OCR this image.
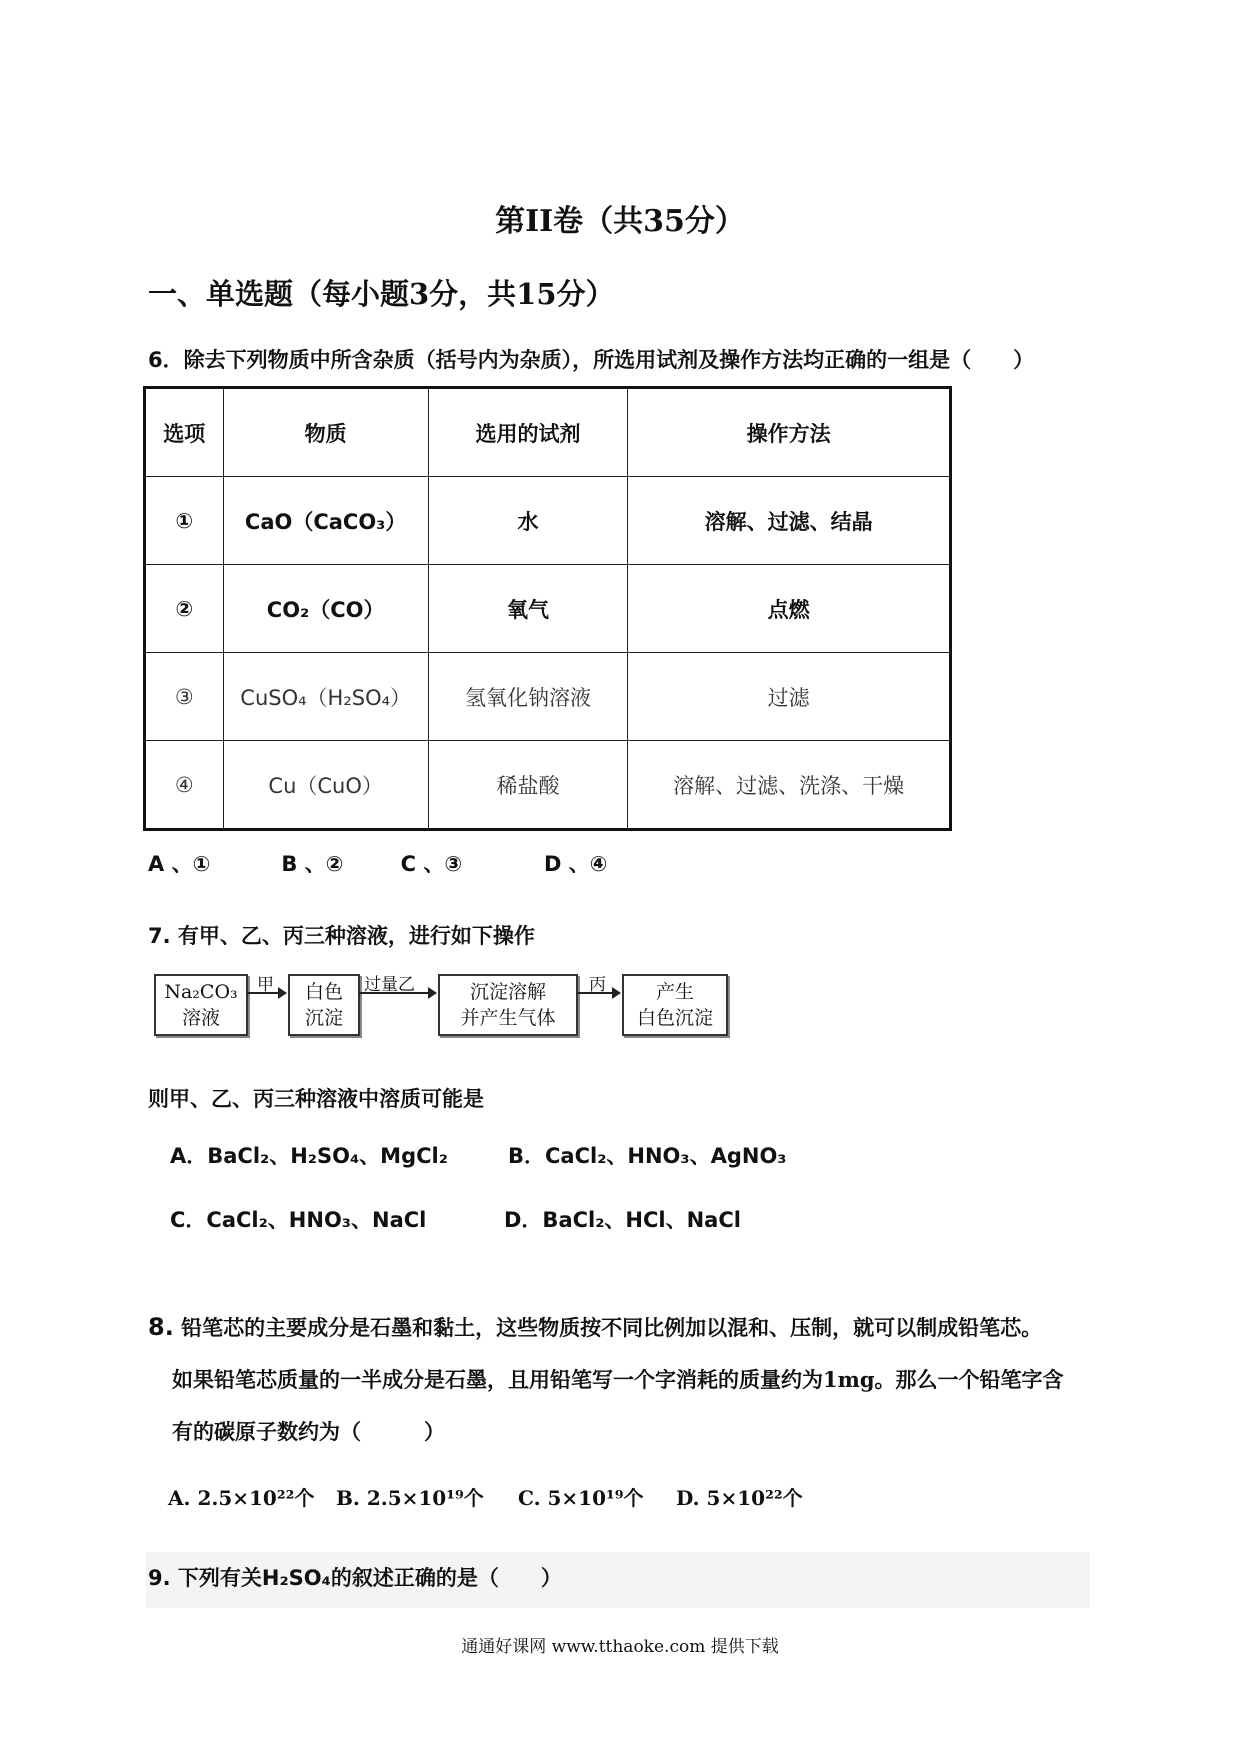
第II卷（共35分）
一、单选题（每小题3分，共15分）
6．除去下列物质中所含杂质（括号内为杂质），所选用试剂及操作方法均正确的一组是（　　）
选项	物质	选用的试剂	操作方法
①	CaO（CaCO₃）	水	溶解、过滤、结晶
②	CO₂（CO）	氧气	点燃
③	CuSO₄（H₂SO₄）	氢氧化钠溶液	过滤
④	Cu（CuO）	稀盐酸	溶解、过滤、洗涤、干燥
A 、①	B 、②	C 、③	D 、④
7. 有甲、乙、丙三种溶液，进行如下操作
Na₂CO₃
溶液
甲	白色
沉淀
过量乙	沉淀溶解
并产生气体
丙	产生
白色沉淀
则甲、乙、丙三种溶液中溶质可能是
A．BaCl₂、H₂SO₄、MgCl₂	B．CaCl₂、HNO₃、AgNO₃
C．CaCl₂、HNO₃、NaCl	D．BaCl₂、HCl、NaCl
8. 铅笔芯的主要成分是石墨和黏土，这些物质按不同比例加以混和、压制，就可以制成铅笔芯。
如果铅笔芯质量的一半成分是石墨，且用铅笔写一个字消耗的质量约为1mg。那么一个铅笔字含
有的碳原子数约为（　　　）
A. 2.5×10²²个 B. 2.5×10¹⁹个 C. 5×10¹⁹个 D. 5×10²²个
9. 下列有关H₂SO₄的叙述正确的是（　　）
通通好课网 www.tthaoke.com 提供下载
